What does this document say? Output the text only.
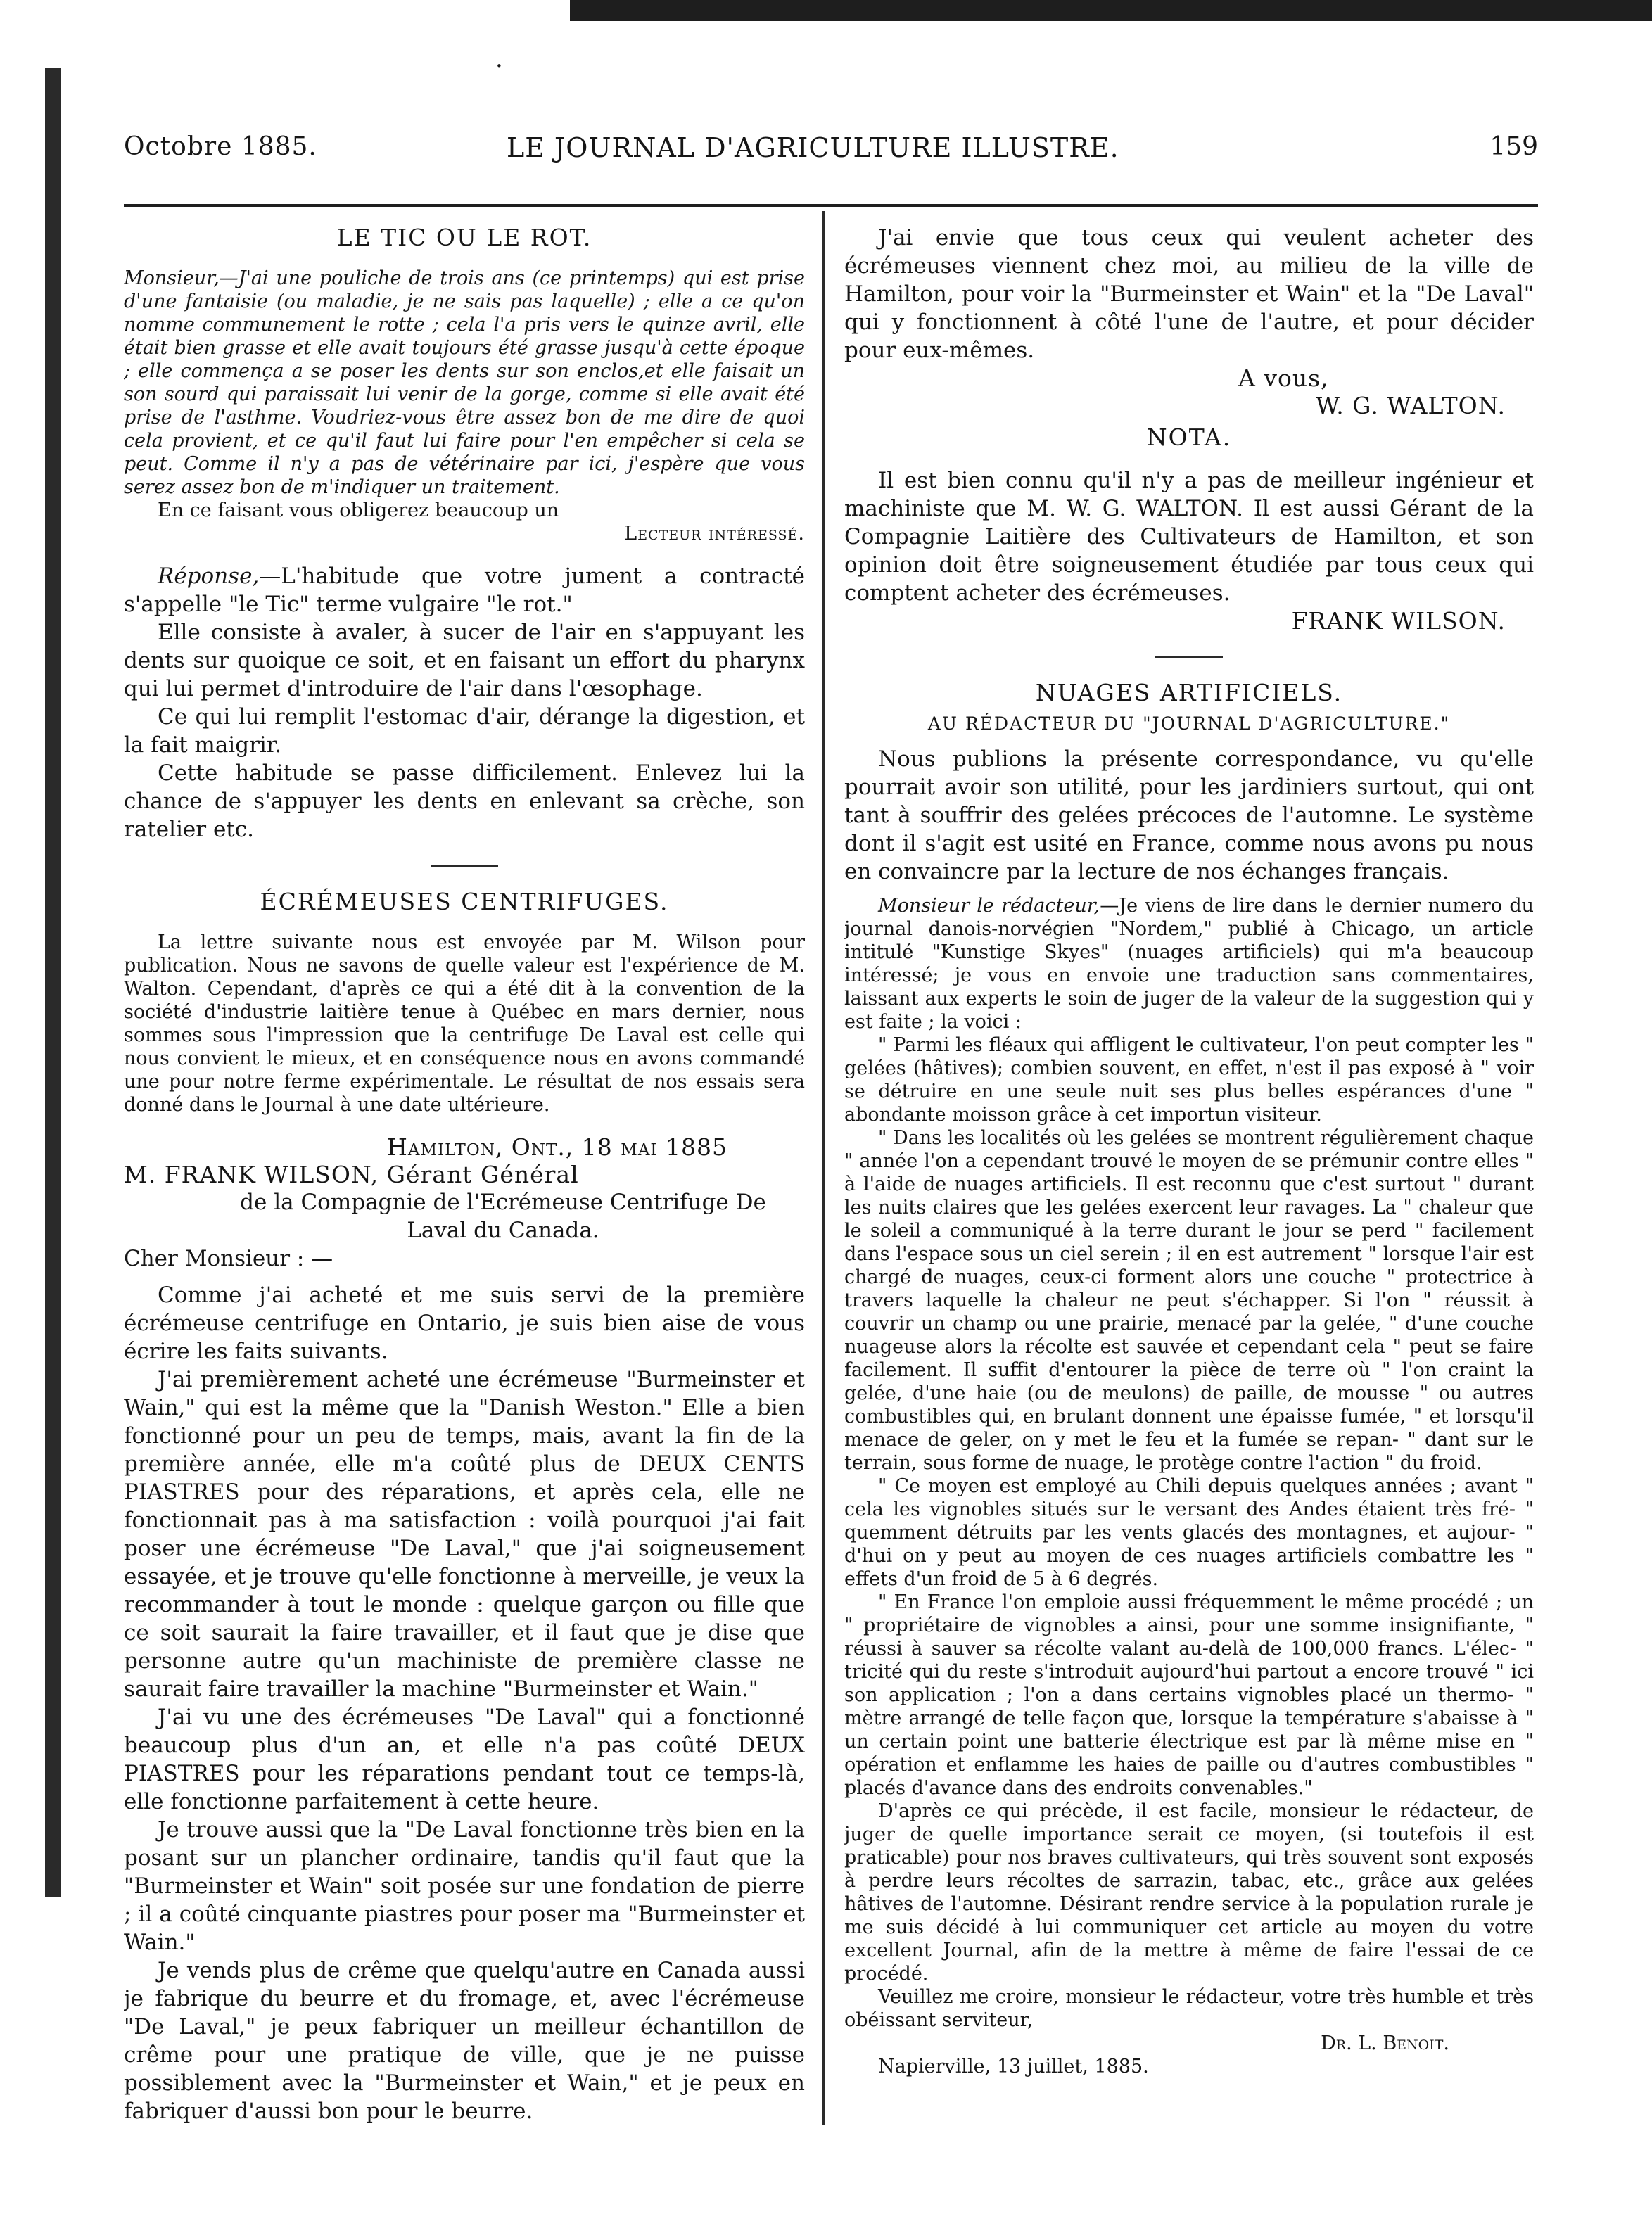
·
Octobre 1885.	LE JOURNAL D'AGRICULTURE ILLUSTRE.	159

LE TIC OU LE ROT.

Monsieur,—J'ai une pouliche de trois ans (ce printemps) qui est prise d'une fantaisie (ou maladie, je ne sais pas laquelle) ; elle a ce qu'on nomme communement le rotte ; cela l'a pris vers le quinze avril, elle était bien grasse et elle avait toujours été grasse jusqu'à cette époque ; elle commença a se poser les dents sur son enclos,et elle faisait un son sourd qui paraissait lui venir de la gorge, comme si elle avait été prise de l'asthme. Voudriez-vous être assez bon de me dire de quoi cela provient, et ce qu'il faut lui faire pour l'en empêcher si cela se peut. Comme il n'y a pas de vétérinaire par ici, j'espère que vous serez assez bon de m'indiquer un traitement.

En ce faisant vous obligerez beaucoup un

Lecteur intéressé.

Réponse,—L'habitude que votre jument a contracté s'appelle "le Tic" terme vulgaire "le rot."

Elle consiste à avaler, à sucer de l'air en s'appuyant les dents sur quoique ce soit, et en faisant un effort du pharynx qui lui permet d'introduire de l'air dans l'œsophage.

Ce qui lui remplit l'estomac d'air, dérange la digestion, et la fait maigrir.

Cette habitude se passe difficilement. Enlevez lui la chance de s'appuyer les dents en enlevant sa crèche, son ratelier etc.

ÉCRÉMEUSES CENTRIFUGES.

La lettre suivante nous est envoyée par M. Wilson pour publication. Nous ne savons de quelle valeur est l'expérience de M. Walton. Cependant, d'après ce qui a été dit à la convention de la société d'industrie laitière tenue à Québec en mars dernier, nous sommes sous l'impression que la centrifuge De Laval est celle qui nous convient le mieux, et en conséquence nous en avons commandé une pour notre ferme expérimentale. Le résultat de nos essais sera donné dans le Journal à une date ultérieure.

Hamilton, Ont., 18 mai 1885

M. FRANK WILSON, Gérant Général

de la Compagnie de l'Ecrémeuse Centrifuge De Laval du Canada.

Cher Monsieur : —

Comme j'ai acheté et me suis servi de la première écrémeuse centrifuge en Ontario, je suis bien aise de vous écrire les faits suivants.

J'ai premièrement acheté une écrémeuse "Burmeinster et Wain," qui est la même que la "Danish Weston." Elle a bien fonctionné pour un peu de temps, mais, avant la fin de la première année, elle m'a coûté plus de DEUX CENTS PIASTRES pour des réparations, et après cela, elle ne fonctionnait pas à ma satisfaction : voilà pourquoi j'ai fait poser une écrémeuse "De Laval," que j'ai soigneusement essayée, et je trouve qu'elle fonctionne à merveille, je veux la recommander à tout le monde : quelque garçon ou fille que ce soit saurait la faire travailler, et il faut que je dise que personne autre qu'un machiniste de première classe ne saurait faire travailler la machine "Burmeinster et Wain."

J'ai vu une des écrémeuses "De Laval" qui a fonctionné beaucoup plus d'un an, et elle n'a pas coûté DEUX PIASTRES pour les réparations pendant tout ce temps-là, elle fonctionne parfaitement à cette heure.

Je trouve aussi que la "De Laval fonctionne très bien en la posant sur un plancher ordinaire, tandis qu'il faut que la "Burmeinster et Wain" soit posée sur une fondation de pierre ; il a coûté cinquante piastres pour poser ma "Burmeinster et Wain."

Je vends plus de crême que quelqu'autre en Canada aussi je fabrique du beurre et du fromage, et, avec l'écrémeuse "De Laval," je peux fabriquer un meilleur échantillon de crême pour une pratique de ville, que je ne puisse possiblement avec la "Burmeinster et Wain," et je peux en fabriquer d'aussi bon pour le beurre.

J'ai envie que tous ceux qui veulent acheter des écrémeuses viennent chez moi, au milieu de la ville de Hamilton, pour voir la "Burmeinster et Wain" et la "De Laval" qui y fonctionnent à côté l'une de l'autre, et pour décider pour eux-mêmes.

A vous,

W. G. WALTON.

NOTA.

Il est bien connu qu'il n'y a pas de meilleur ingénieur et machiniste que M. W. G. WALTON. Il est aussi Gérant de la Compagnie Laitière des Cultivateurs de Hamilton, et son opinion doit être soigneusement étudiée par tous ceux qui comptent acheter des écrémeuses.

FRANK WILSON.

NUAGES ARTIFICIELS.

AU RÉDACTEUR DU "JOURNAL D'AGRICULTURE."

Nous publions la présente correspondance, vu qu'elle pourrait avoir son utilité, pour les jardiniers surtout, qui ont tant à souffrir des gelées précoces de l'automne. Le système dont il s'agit est usité en France, comme nous avons pu nous en convaincre par la lecture de nos échanges français.

Monsieur le rédacteur,—Je viens de lire dans le dernier numero du journal danois-norvégien "Nordem," publié à Chicago, un article intitulé "Kunstige Skyes" (nuages artificiels) qui m'a beaucoup intéressé; je vous en envoie une traduction sans commentaires, laissant aux experts le soin de juger de la valeur de la suggestion qui y est faite ; la voici :

" Parmi les fléaux qui affligent le cultivateur, l'on peut compter les " gelées (hâtives); combien souvent, en effet, n'est il pas exposé à " voir se détruire en une seule nuit ses plus belles espérances d'une " abondante moisson grâce à cet importun visiteur.

" Dans les localités où les gelées se montrent régulièrement chaque " année l'on a cependant trouvé le moyen de se prémunir contre elles " à l'aide de nuages artificiels. Il est reconnu que c'est surtout " durant les nuits claires que les gelées exercent leur ravages. La " chaleur que le soleil a communiqué à la terre durant le jour se perd " facilement dans l'espace sous un ciel serein ; il en est autrement " lorsque l'air est chargé de nuages, ceux-ci forment alors une couche " protectrice à travers laquelle la chaleur ne peut s'échapper. Si l'on " réussit à couvrir un champ ou une prairie, menacé par la gelée, " d'une couche nuageuse alors la récolte est sauvée et cependant cela " peut se faire facilement. Il suffit d'entourer la pièce de terre où " l'on craint la gelée, d'une haie (ou de meulons) de paille, de mousse " ou autres combustibles qui, en brulant donnent une épaisse fumée, " et lorsqu'il menace de geler, on y met le feu et la fumée se repan- " dant sur le terrain, sous forme de nuage, le protège contre l'action " du froid.

" Ce moyen est employé au Chili depuis quelques années ; avant " cela les vignobles situés sur le versant des Andes étaient très fré- " quemment détruits par les vents glacés des montagnes, et aujour- " d'hui on y peut au moyen de ces nuages artificiels combattre les " effets d'un froid de 5 à 6 degrés.

" En France l'on emploie aussi fréquemment le même procédé ; un " propriétaire de vignobles a ainsi, pour une somme insignifiante, " réussi à sauver sa récolte valant au-delà de 100,000 francs. L'élec- " tricité qui du reste s'introduit aujourd'hui partout a encore trouvé " ici son application ; l'on a dans certains vignobles placé un thermo- " mètre arrangé de telle façon que, lorsque la température s'abaisse à " un certain point une batterie électrique est par là même mise en " opération et enflamme les haies de paille ou d'autres combustibles " placés d'avance dans des endroits convenables."

D'après ce qui précède, il est facile, monsieur le rédacteur, de juger de quelle importance serait ce moyen, (si toutefois il est praticable) pour nos braves cultivateurs, qui très souvent sont exposés à perdre leurs récoltes de sarrazin, tabac, etc., grâce aux gelées hâtives de l'automne. Désirant rendre service à la population rurale je me suis décidé à lui communiquer cet article au moyen du votre excellent Journal, afin de la mettre à même de faire l'essai de ce procédé.

Veuillez me croire, monsieur le rédacteur, votre très humble et très obéissant serviteur,

Dr. L. Benoit.

Napierville, 13 juillet, 1885.
